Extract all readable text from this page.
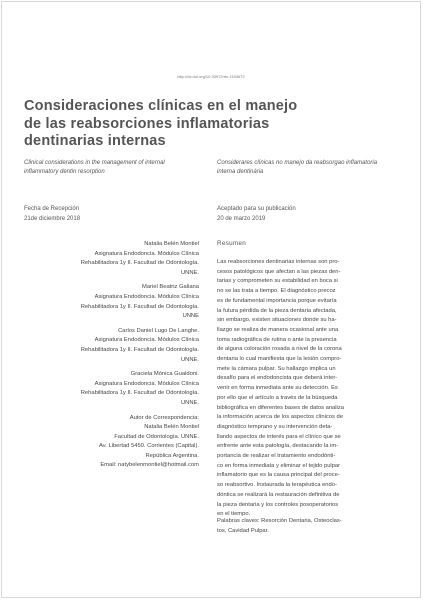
http://dx.doi.org/10.30972/rfo.1153672
Consideraciones clínicas en el manejo
de las reabsorciones inflamatorias
dentinarias internas
Clinical considerations in the management of internal inflammatory dentin resorption
Considerares clínicas no manejo da reabsorgao inflamatoria interna dentinária
Fecha de Recepción
21de diciembre 2018
Aceptado para su publicación
20 de marzo 2019
Natalia Belén Montiel
Asignatura Endodoncia. Módulos Clínica
Rehabilitadora 1y II. Facultad de Odontología.
UNNE.
Mariel Beatriz Galiana
Asignatura Endodoncia. Módulos Clínica
Rehabilitadora 1y II. Facultad de Odontología.
UNNE
Carlos Daniel Lugo De Langhe.
Asignatura Endodoncia. Módulos Clínica
Rehabilitadora 1y II. Facultad de Odontología.
UNNE.
Graciela Mónica Gualdoni.
Asignatura Endodoncia. Módulos Clínica
Rehabilitadora 1y II. Facultad de Odontología.
UNNE.
Autor de Correspondencia:
Natalia Belén Montiel
Facultad de Odontología. UNNE.
Av. Libertad 5450. Corrientes (Capital).
República Argentina.
Email: natybelenmontiel@hotmail.com
Resumen
Las reabsorciones dentinarias internas son pro-
cesos patológicos que afectan a las piezas den-
tarias y comprometen su estabilidad en boca si
no se las trata a tiempo. El diagnóstico precoz
es de fundamental importancia porque evitaría
la futura pérdida de la pieza dentaria afectada,
sin embargo, existen situaciones donde su ha-
llazgo se realiza de manera ocasional ante una
toma radiográfica de rutina o ante la presencia
de alguna coloración rosada a nivel de la corona
dentaria lo cual manifiesta que la lesión compro-
mete la cámara pulpar. Su hallazgo implica un
desafío para el endodoncista que deberá inter-
venir en forma inmediata ante su detección. Es
por ello que el artículo a través de la búsqueda
bibliográfica en diferentes bases de datos analiza
la información acerca de los aspectos clínicos de
diagnóstico temprano y su intervención deta-
llando aspectos de interés para el clínico que se
enfrente ante esta patología, destacando la im-
portancia de realizar el tratamiento endodónti-
co en forma inmediata y eliminar el tejido pulpar
inflamatorio que es la causa principal del proce-
so reabsortivo. Instaurada la terapéutica endo-
dóntica se realizará la restauración definitiva de
la pieza dentaria y los controles posoperatorios
en el tiempo.
Palabras claves: Resorción Dentaria, Osteoclas-
tos, Cavidad Pulpar.
